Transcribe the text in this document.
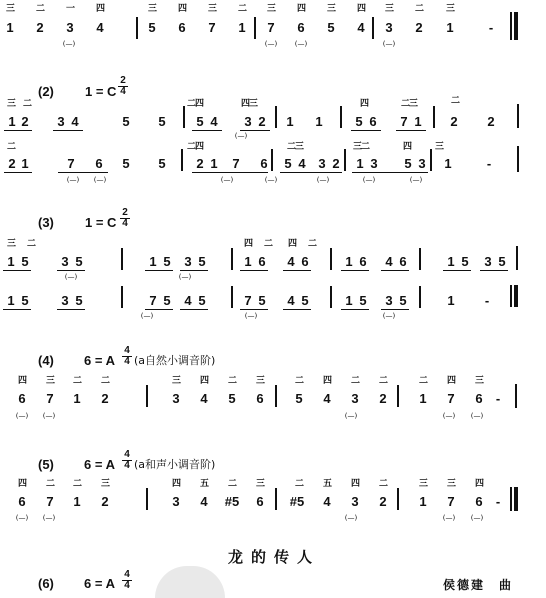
三	二	一	四	三	四	三	二	三	四	三	四	三	二	三
1	2	3	4	5	6	7	1	7	6	5	4	3	2	1	-
(—)	(—)	(—)	(—)
(2) 1 = C
2
4
三 二	二四	四三	四	二三	二
1 2	3 4	5	5	5 4	3 2	1	1	5 6	7 1	2	2
(—)
二	二四	二三	三二	四	三
2 1	7	6	5	5	2 1	7	6	5 4 3 2	1 3	5 3	1	-
(—)	(—)	(—)	(—)	(—)	(—)	(—)
(3) 1 = C
2
4
三	二	四	二	四	二
1 5	3 5	1 5	3 5	1 6	4 6	1 6	4 6	1 5	3 5
(—)	(—)
1 5	3 5	7 5	4 5	7 5	4 5	1 5	3 5	1	-
(—)	(—)	(—)
(4) 6 = A
4
4 (a自然小调音阶)
四	三	二	二	三	四	二	三	二	四	二	二	二	四	三
6	7	1	2	3	4	5	6	5	4	3	2	1	7	6	-
(—)	(—)	(—)	(—)	(—)
(5) 6 = A
4
4 (a和声小调音阶)
四	二	二	三	四	五	二	三	二	五	四	二	三	三	四
6	7	1	2	3	4	#5	6	#5	4	3	2	1	7	6	-
(—)	(—)	(—)	(—)	(—)
龙的传人
(6) 6 = A
4
4	侯德建　曲
